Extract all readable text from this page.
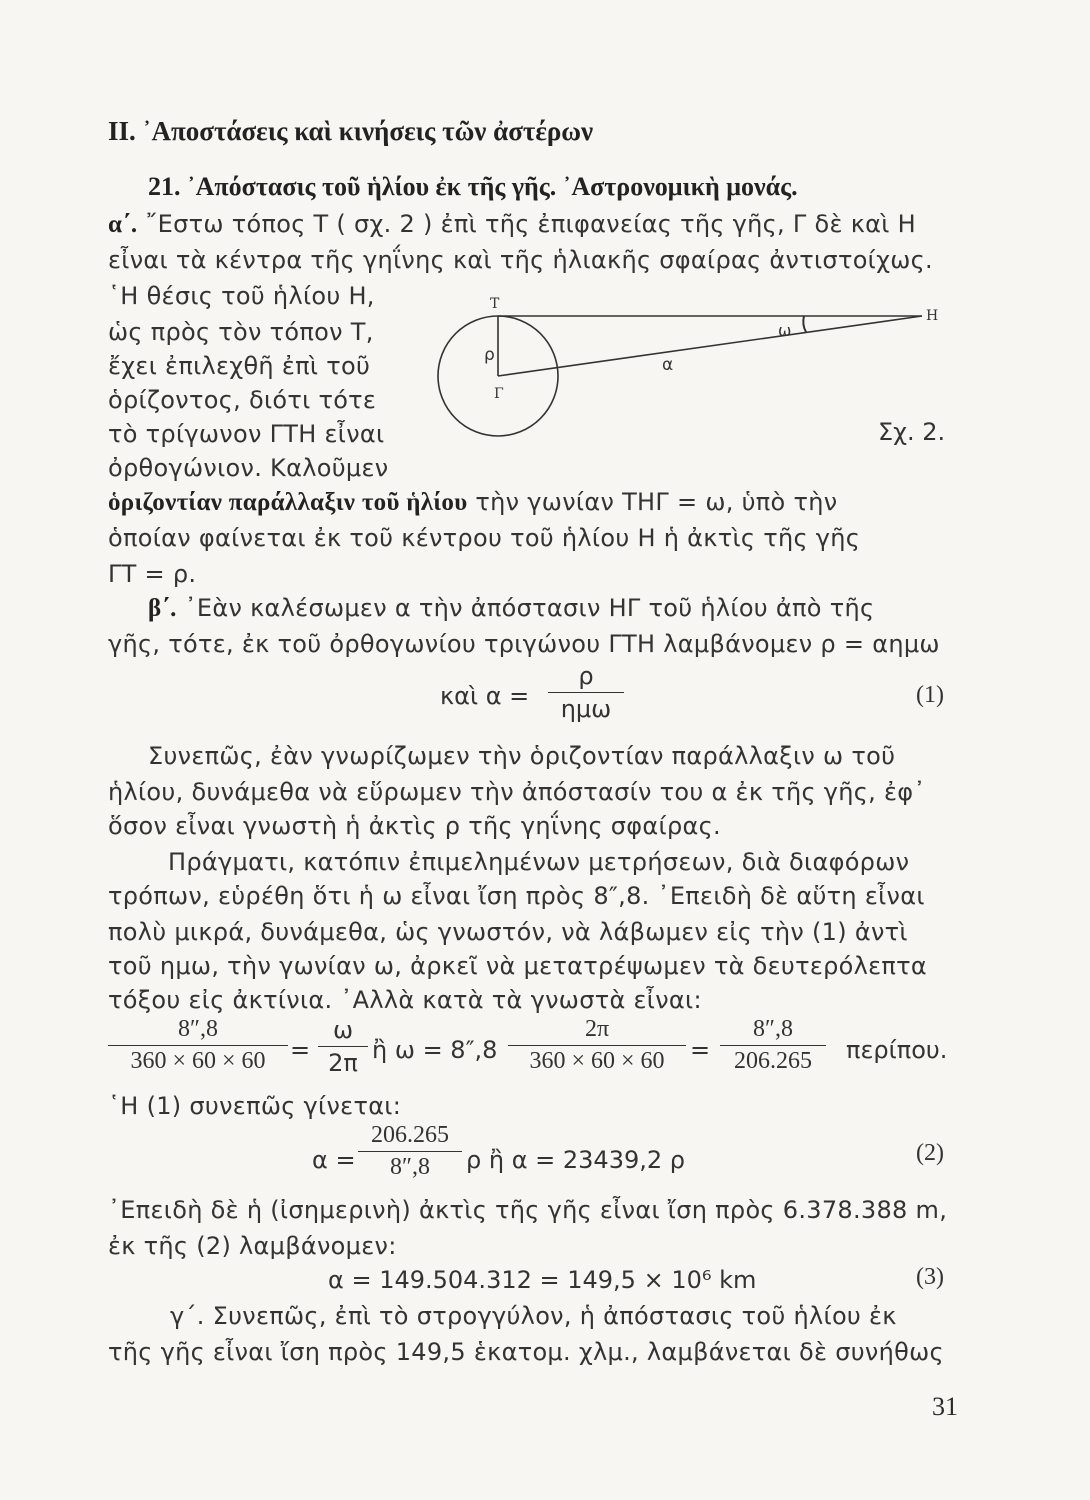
II. ᾿Αποστάσεις καὶ κινήσεις τῶν ἀστέρων
21. ᾿Απόστασις τοῦ ἡλίου ἐκ τῆς γῆς. ᾿Αστρονομικὴ μονάς.
α΄. ῎Εστω τόπος Τ ( σχ. 2 ) ἐπὶ τῆς ἐπιφανείας τῆς γῆς, Γ δὲ καὶ Η
εἶναι τὰ κέντρα τῆς γηΐνης καὶ τῆς ἡλιακῆς σφαίρας ἀντιστοίχως.
῾Η θέσις τοῦ ἡλίου Η,
ὡς πρὸς τὸν τόπον Τ,
ἔχει ἐπιλεχθῆ ἐπὶ τοῦ
ὁρίζοντος, διότι τότε
τὸ τρίγωνον ΓΤΗ εἶναι
ὀρθογώνιον. Καλοῦμεν
ὁριζοντίαν παράλλαξιν τοῦ ἡλίου τὴν γωνίαν ΤΗΓ = ω, ὑπὸ τὴν
ὁποίαν φαίνεται ἐκ τοῦ κέντρου τοῦ ἡλίου Η ἡ ἀκτὶς τῆς γῆς
ΓΤ = ρ.
Τ
Η
ρ
Γ
α
ω
Σχ. 2.
β΄. ᾿Εὰν καλέσωμεν α τὴν ἀπόστασιν ΗΓ τοῦ ἡλίου ἀπὸ τῆς
γῆς, τότε, ἐκ τοῦ ὀρθογωνίου τριγώνου ΓΤΗ λαμβάνομεν ρ = αημω
καὶ α =
ρ
ημω	(1)
Συνεπῶς, ἐὰν γνωρίζωμεν τὴν ὁριζοντίαν παράλλαξιν ω τοῦ
ἡλίου, δυνάμεθα νὰ εὕρωμεν τὴν ἀπόστασίν του α ἐκ τῆς γῆς, ἐφ᾿
ὅσον εἶναι γνωστὴ ἡ ἀκτὶς ρ τῆς γηΐνης σφαίρας.
Πράγματι, κατόπιν ἐπιμελημένων μετρήσεων, διὰ διαφόρων
τρόπων, εὑρέθη ὅτι ἡ ω εἶναι ἴση πρὸς 8″,8. ᾿Επειδὴ δὲ αὕτη εἶναι
πολὺ μικρά, δυνάμεθα, ὡς γνωστόν, νὰ λάβωμεν εἰς τὴν (1) ἀντὶ
τοῦ ημω, τὴν γωνίαν ω, ἀρκεῖ νὰ μετατρέψωμεν τὰ δευτερόλεπτα
τόξου εἰς ἀκτίνια. ᾿Αλλὰ κατὰ τὰ γνωστὰ εἶναι:
8″,8
360 × 60 × 60	=
ω
2π ἢ ω = 8″,8
2π
360 × 60 × 60	=
8″,8
206.265	περίπου.
῾Η (1) συνεπῶς γίνεται:
α =
206.265
8″,8	ρ ἢ α = 23439,2 ρ	(2)
᾿Επειδὴ δὲ ἡ (ἰσημερινὴ) ἀκτὶς τῆς γῆς εἶναι ἴση πρὸς 6.378.388 m,
ἐκ τῆς (2) λαμβάνομεν:
α = 149.504.312 = 149,5 × 10⁶ km	(3)
γ΄. Συνεπῶς, ἐπὶ τὸ στρογγύλον, ἡ ἀπόστασις τοῦ ἡλίου ἐκ
τῆς γῆς εἶναι ἴση πρὸς 149,5 ἑκατομ. χλμ., λαμβάνεται δὲ συνήθως
31
